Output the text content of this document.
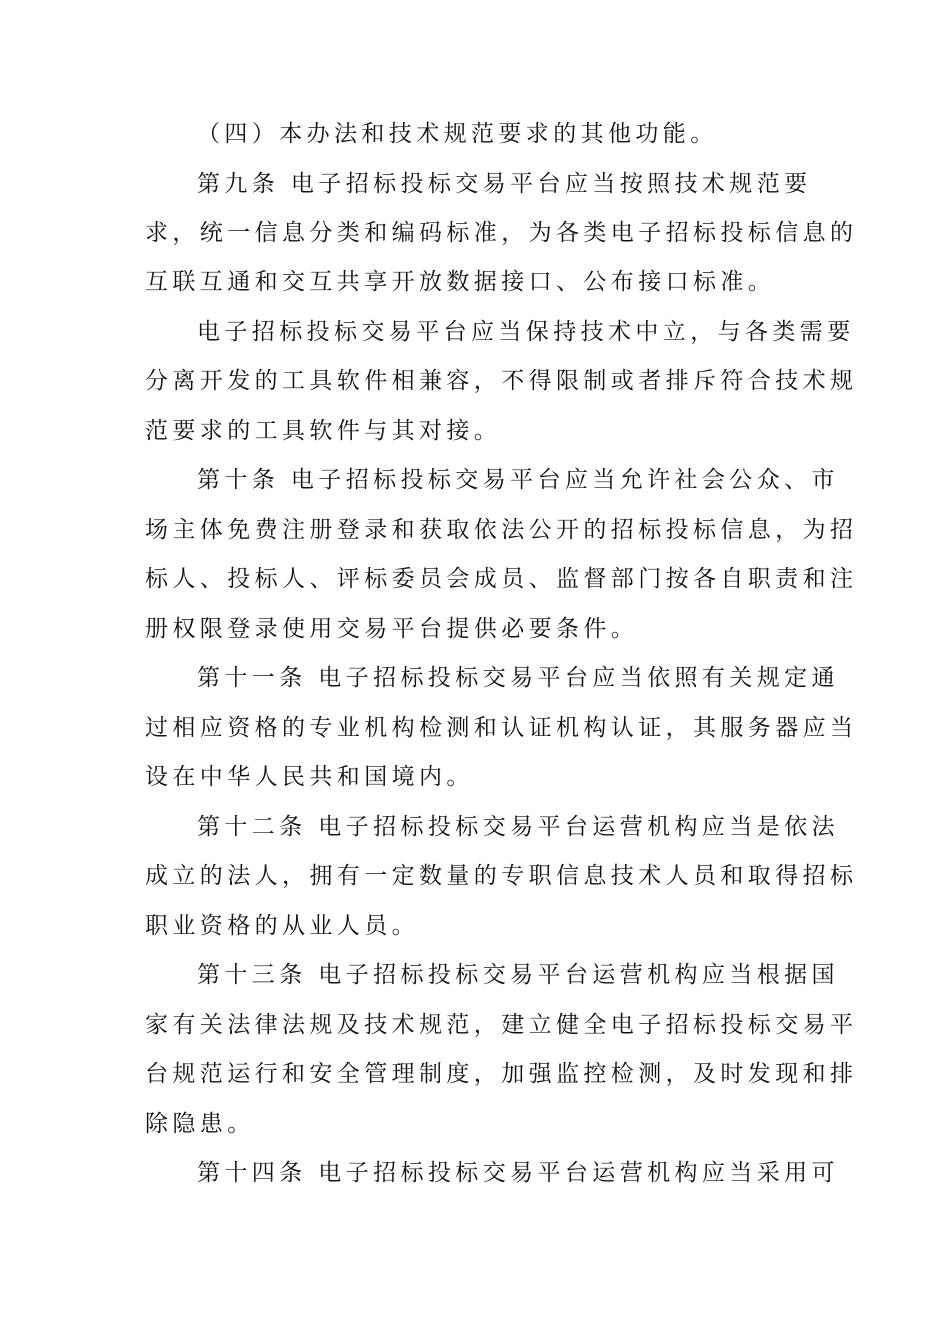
（四）本办法和技术规范要求的其他功能。
第九条 电子招标投标交易平台应当按照技术规范要
求，统一信息分类和编码标准，为各类电子招标投标信息的
互联互通和交互共享开放数据接口、公布接口标准。
电子招标投标交易平台应当保持技术中立，与各类需要
分离开发的工具软件相兼容，不得限制或者排斥符合技术规
范要求的工具软件与其对接。
第十条 电子招标投标交易平台应当允许社会公众、市
场主体免费注册登录和获取依法公开的招标投标信息，为招
标人、投标人、评标委员会成员、监督部门按各自职责和注
册权限登录使用交易平台提供必要条件。
第十一条 电子招标投标交易平台应当依照有关规定通
过相应资格的专业机构检测和认证机构认证，其服务器应当
设在中华人民共和国境内。
第十二条 电子招标投标交易平台运营机构应当是依法
成立的法人，拥有一定数量的专职信息技术人员和取得招标
职业资格的从业人员。
第十三条 电子招标投标交易平台运营机构应当根据国
家有关法律法规及技术规范，建立健全电子招标投标交易平
台规范运行和安全管理制度，加强监控检测，及时发现和排
除隐患。
第十四条 电子招标投标交易平台运营机构应当采用可
